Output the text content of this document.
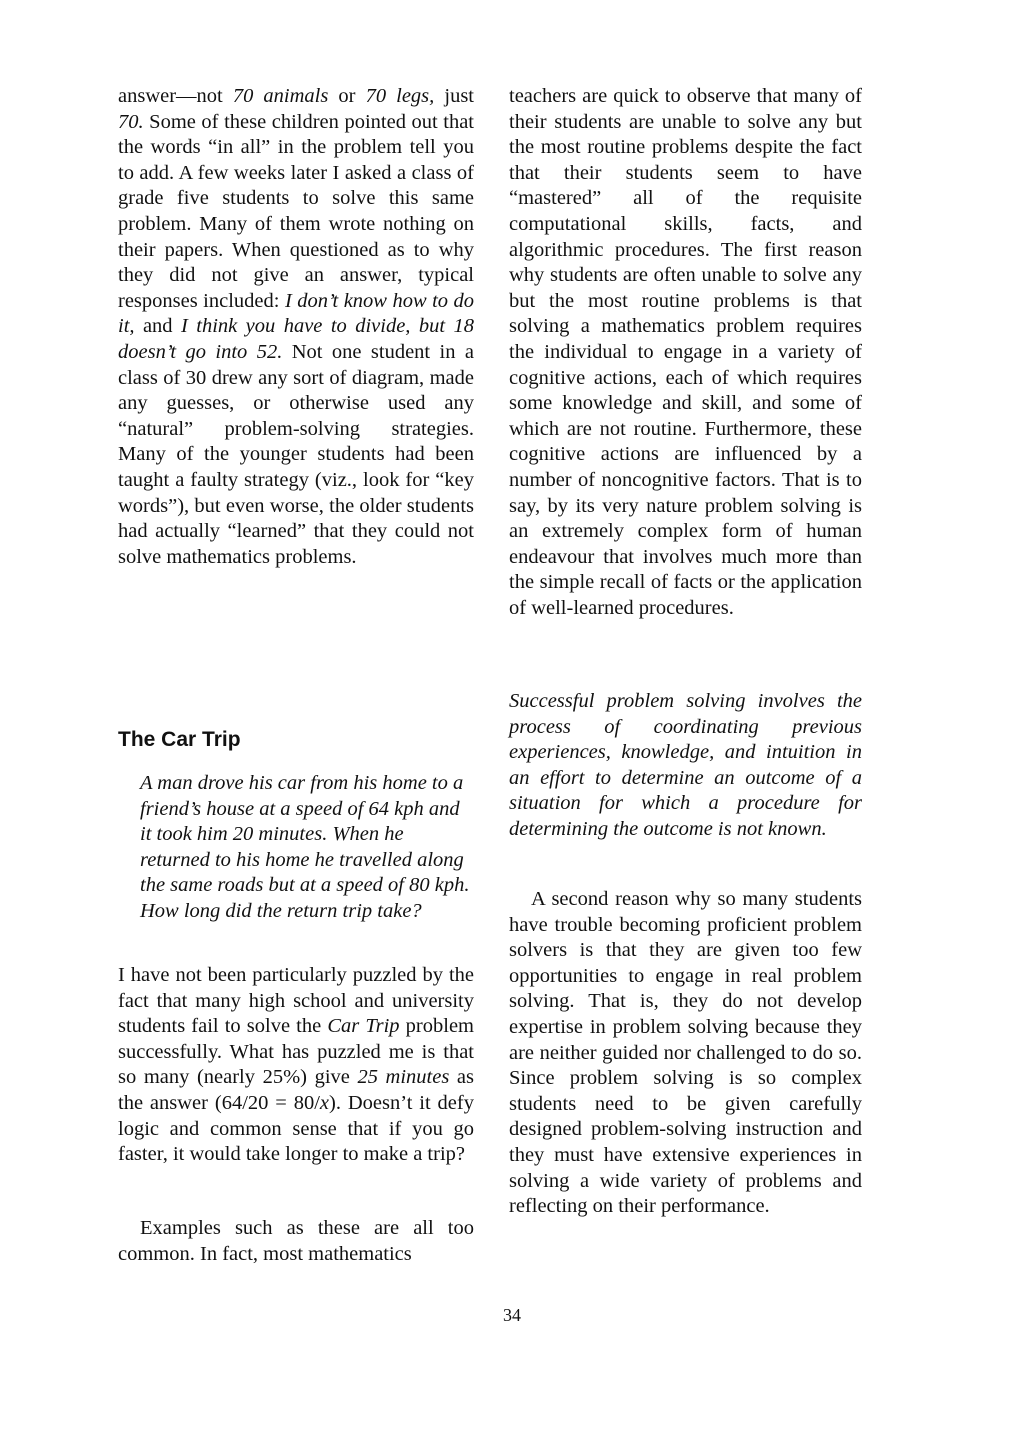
answer—not 70 animals or 70 legs, just 70. Some of these children pointed out that the words “in all” in the problem tell you to add. A few weeks later I asked a class of grade five students to solve this same problem. Many of them wrote nothing on their papers. When questioned as to why they did not give an answer, typical responses included: I don’t know how to do it, and I think you have to divide, but 18 doesn’t go into 52. Not one student in a class of 30 drew any sort of diagram, made any guesses, or otherwise used any “natural” problem-solving strategies. Many of the younger students had been taught a faulty strategy (viz., look for “key words”), but even worse, the older students had actually “learned” that they could not solve mathematics problems.

The Car Trip

A man drove his car from his home to a friend’s house at a speed of 64 kph and it took him 20 minutes. When he returned to his home he travelled along the same roads but at a speed of 80 kph. How long did the return trip take?

I have not been particularly puzzled by the fact that many high school and university students fail to solve the Car Trip problem successfully. What has puzzled me is that so many (nearly 25%) give 25 minutes as the answer (64/20 = 80/x). Doesn’t it defy logic and common sense that if you go faster, it would take longer to make a trip?

Examples such as these are all too common. In fact, most mathematics

teachers are quick to observe that many of their students are unable to solve any but the most routine problems despite the fact that their students seem to have “mastered” all of the requisite computational skills, facts, and algorithmic procedures. The first reason why students are often unable to solve any but the most routine problems is that solving a mathematics problem requires the individual to engage in a variety of cognitive actions, each of which requires some knowledge and skill, and some of which are not routine. Furthermore, these cognitive actions are influenced by a number of noncognitive factors. That is to say, by its very nature problem solving is an extremely complex form of human endeavour that involves much more than the simple recall of facts or the application of well-learned procedures.

Successful problem solving involves the process of coordinating previous experiences, knowledge, and intuition in an effort to determine an outcome of a situation for which a procedure for determining the outcome is not known.

A second reason why so many students have trouble becoming proficient problem solvers is that they are given too few opportunities to engage in real problem solving. That is, they do not develop expertise in problem solving because they are neither guided nor challenged to do so. Since problem solving is so complex students need to be given carefully designed problem-solving instruction and they must have extensive experiences in solving a wide variety of problems and reflecting on their performance.

34
